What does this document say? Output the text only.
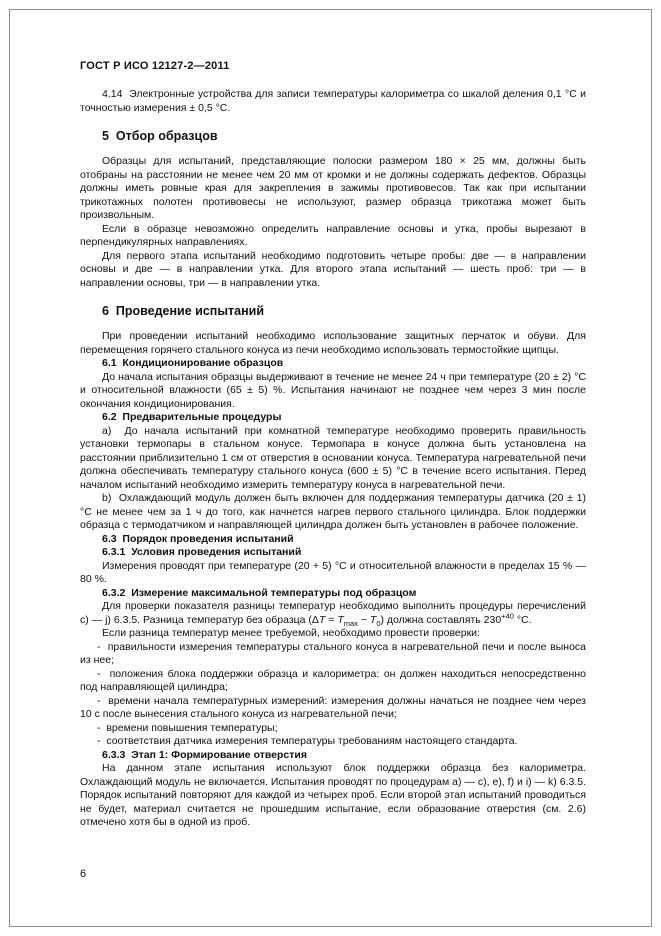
ГОСТ Р ИСО 12127-2—2011
4.14  Электронные устройства для записи температуры калориметра со шкалой деления 0,1 °С и точностью измерения ± 0,5 °С.
5  Отбор образцов
Образцы для испытаний, представляющие полоски размером 180 × 25 мм, должны быть отобраны на расстоянии не менее чем 20 мм от кромки и не должны содержать дефектов. Образцы должны иметь ровные края для закрепления в зажимы противовесов. Так как при испытании трикотажных полотен противовесы не используют, размер образца трикотажа может быть произвольным.
Если в образце невозможно определить направление основы и утка, пробы вырезают в перпендикулярных направлениях.
Для первого этапа испытаний необходимо подготовить четыре пробы: две — в направлении основы и две — в направлении утка. Для второго этапа испытаний — шесть проб: три — в направлении основы, три — в направлении утка.
6  Проведение испытаний
При проведении испытаний необходимо использование защитных перчаток и обуви. Для перемещения горячего стального конуса из печи необходимо использовать термостойкие щипцы.
6.1  Кондиционирование образцов
До начала испытания образцы выдерживают в течение не менее 24 ч при температуре (20 ± 2) °С и относительной влажности (65 ± 5) %. Испытания начинают не позднее чем через 3 мин после окончания кондиционирования.
6.2  Предварительные процедуры
a)  До начала испытаний при комнатной температуре необходимо проверить правильность установки термопары в стальном конусе. Термопара в конусе должна быть установлена на расстоянии приблизительно 1 см от отверстия в основании конуса. Температура нагревательной печи должна обеспечивать температуру стального конуса (600 ± 5) °С в течение всего испытания. Перед началом испытаний необходимо измерить температуру конуса в нагревательной печи.
b)  Охлаждающий модуль должен быть включен для поддержания температуры датчика (20 ± 1) °С не менее чем за 1 ч до того, как начнется нагрев первого стального цилиндра. Блок поддержки образца с термодатчиком и направляющей цилиндра должен быть установлен в рабочее положение.
6.3  Порядок проведения испытаний
6.3.1  Условия проведения испытаний
Измерения проводят при температуре (20 + 5) °С и относительной влажности в пределах 15 % — 80 %.
6.3.2  Измерение максимальной температуры под образцом
Для проверки показателя разницы температур необходимо выполнить процедуры перечислений c) — j) 6.3.5. Разница температур без образца $(\Delta T = T_{max} - T_0)$ должна составлять $230^{+40}$ °С.
Если разница температур менее требуемой, необходимо провести проверки:
-  правильности измерения температуры стального конуса в нагревательной печи и после выноса из нее;
-  положения блока поддержки образца и калориметра: он должен находиться непосредственно под направляющей цилиндра;
-  времени начала температурных измерений: измерения должны начаться не позднее чем через 10 с после вынесения стального конуса из нагревательной печи;
-  времени повышения температуры;
-  соответствия датчика измерения температуры требованиям настоящего стандарта.
6.3.3  Этап 1: Формирование отверстия
На данном этапе испытания используют блок поддержки образца без калориметра. Охлаждающий модуль не включается. Испытания проводят по процедурам a) — c), e), f) и i) — k) 6.3.5. Порядок испытаний повторяют для каждой из четырех проб. Если второй этап испытаний проводиться не будет, материал считается не прошедшим испытание, если образование отверстия (см. 2.6) отмечено хотя бы в одной из проб.
6
